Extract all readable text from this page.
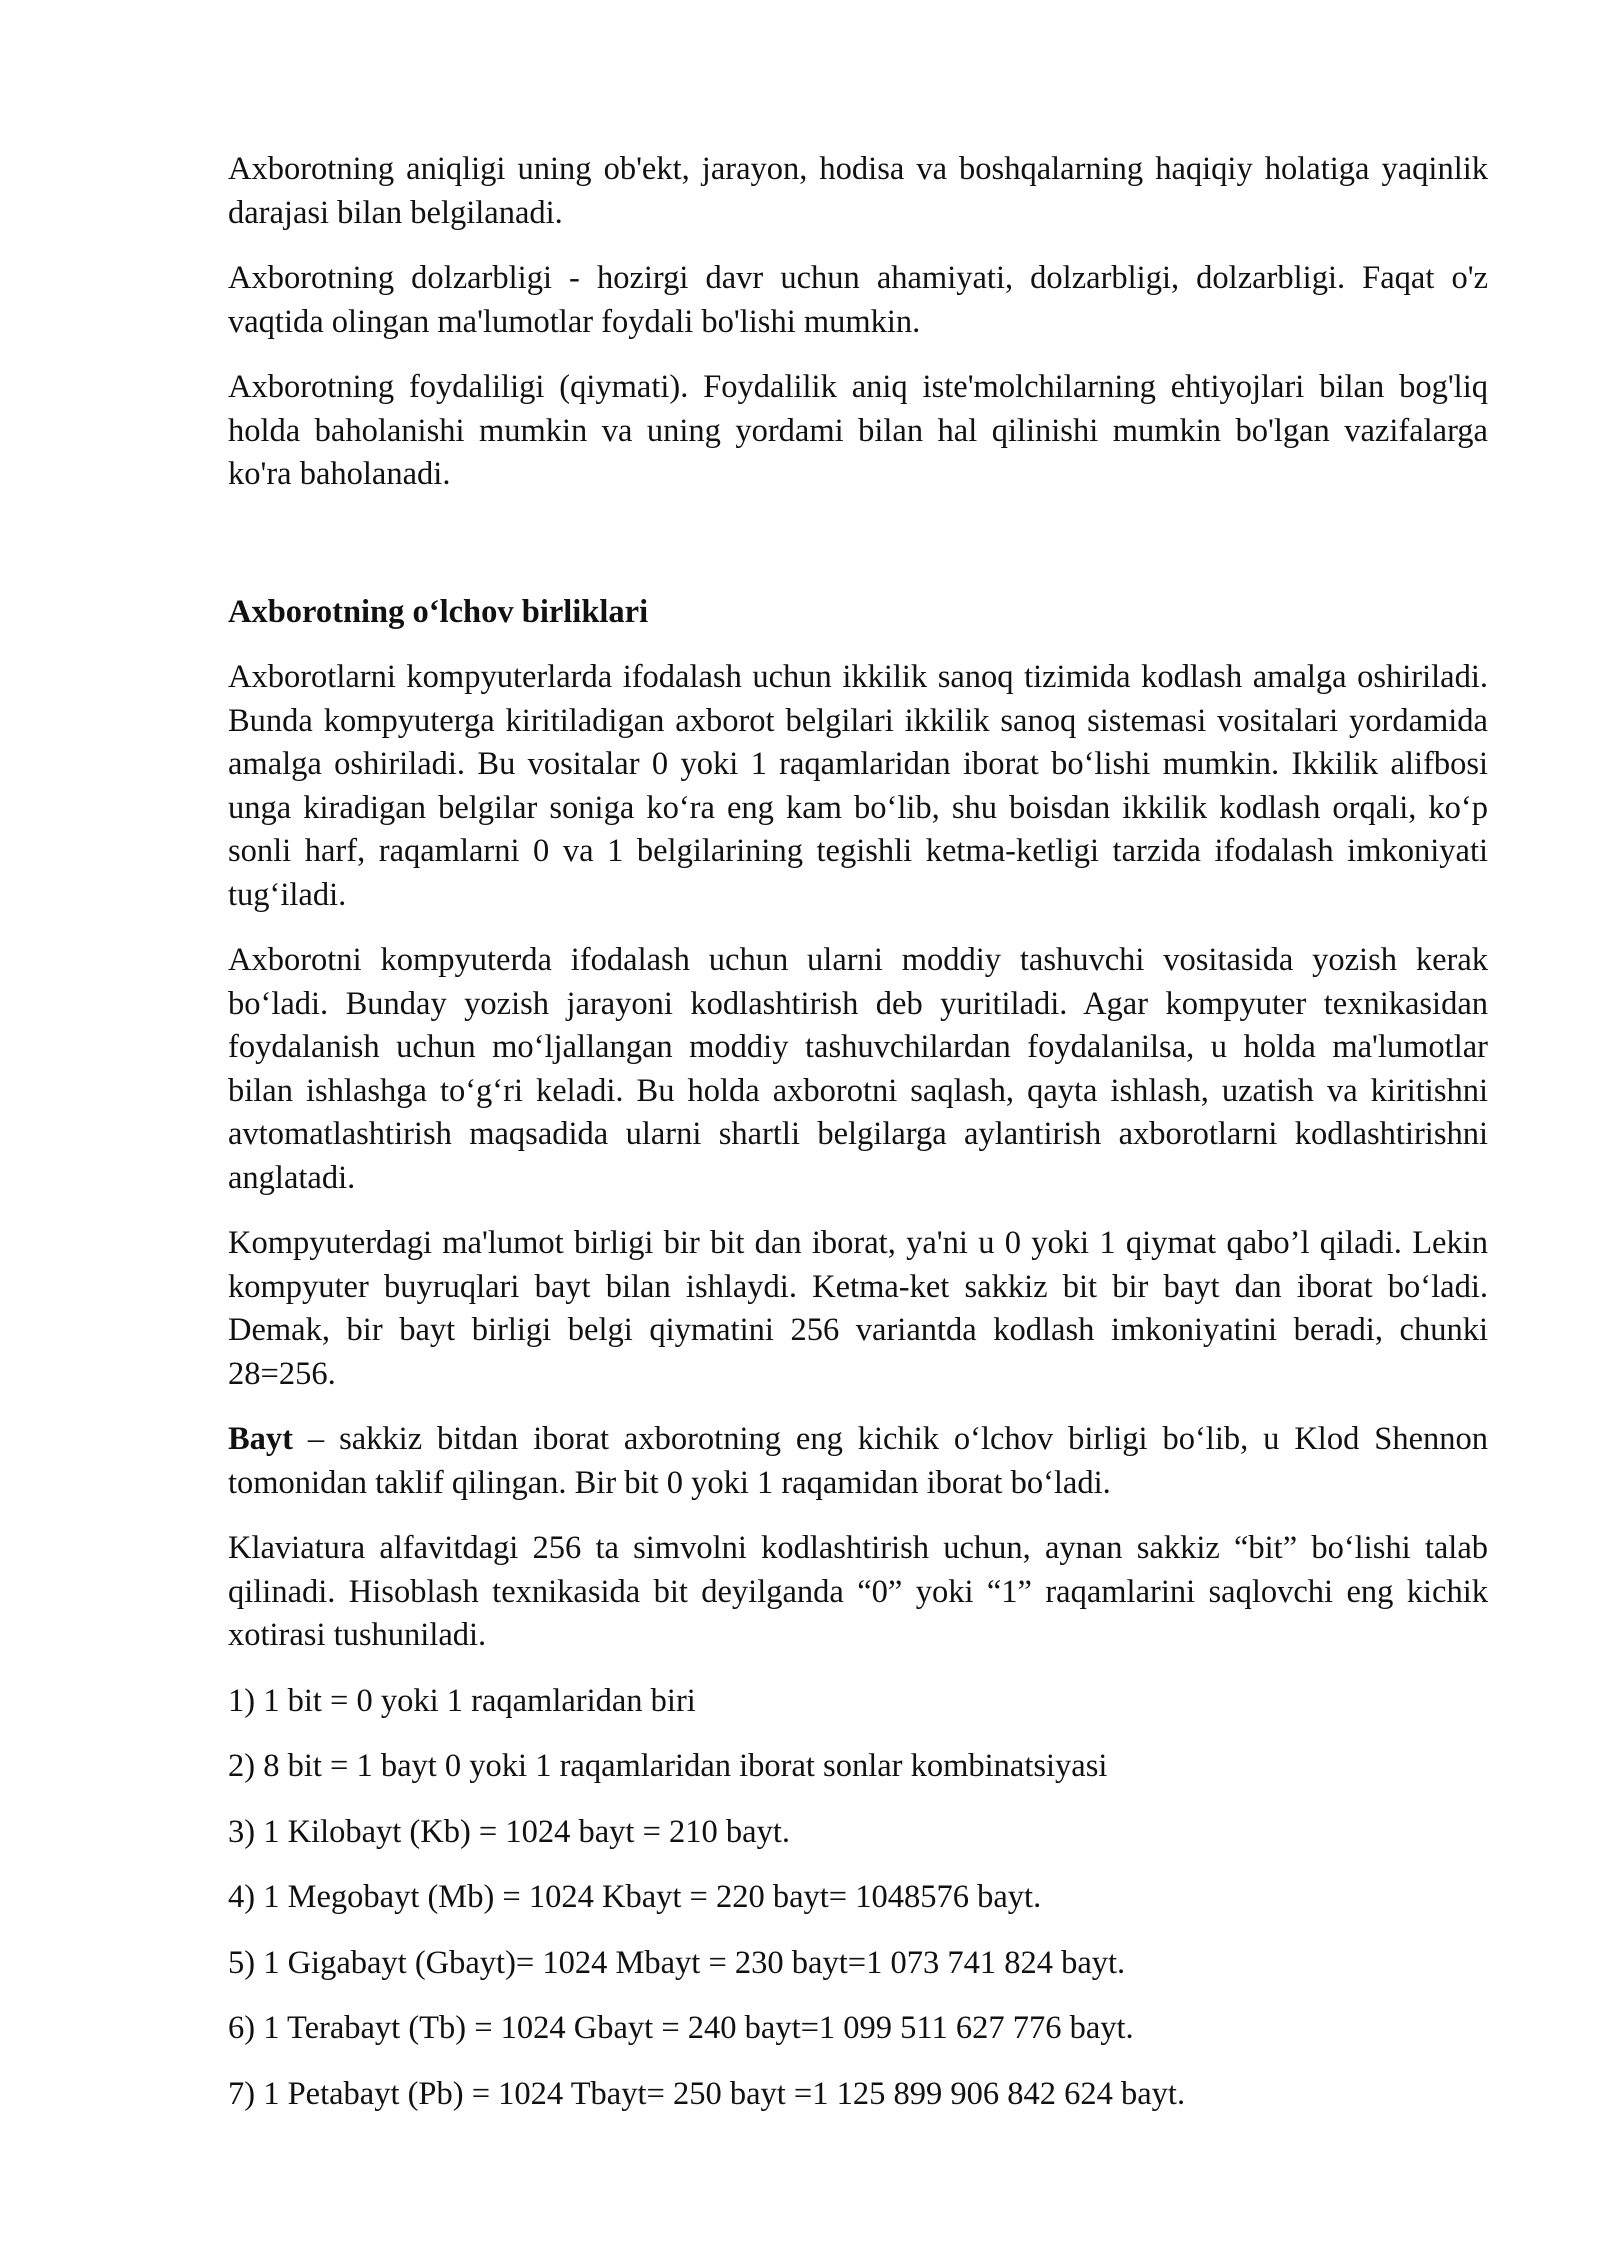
Axborotning aniqligi uning ob'ekt, jarayon, hodisa va boshqalarning haqiqiy holatiga yaqinlik darajasi bilan belgilanadi.

Axborotning dolzarbligi - hozirgi davr uchun ahamiyati, dolzarbligi, dolzarbligi. Faqat o'z vaqtida olingan ma'lumotlar foydali bo'lishi mumkin.

Axborotning foydaliligi (qiymati). Foydalilik aniq iste'molchilarning ehtiyojlari bilan bog'liq holda baholanishi mumkin va uning yordami bilan hal qilinishi mumkin bo'lgan vazifalarga ko'ra baholanadi.

Axborotning o‘lchov birliklari

Axborotlarni kompyuterlarda ifodalash uchun ikkilik sanoq tizimida kodlash amalga oshiriladi. Bunda kompyuterga kiritiladigan axborot belgilari ikkilik sanoq sistemasi vositalari yordamida amalga oshiriladi. Bu vositalar 0 yoki 1 raqamlaridan iborat bo‘lishi mumkin. Ikkilik alifbosi unga kiradigan belgilar soniga ko‘ra eng kam bo‘lib, shu boisdan ikkilik kodlash orqali, ko‘p sonli harf, raqamlarni 0 va 1 belgilarining tegishli ketma-ketligi tarzida ifodalash imkoniyati tug‘iladi.

Axborotni kompyuterda ifodalash uchun ularni moddiy tashuvchi vositasida yozish kerak bo‘ladi. Bunday yozish jarayoni kodlashtirish deb yuritiladi. Agar kompyuter texnikasidan foydalanish uchun mo‘ljallangan moddiy tashuvchilardan foydalanilsa, u holda ma'lumotlar bilan ishlashga to‘g‘ri keladi. Bu holda axborotni saqlash, qayta ishlash, uzatish va kiritishni avtomatlashtirish maqsadida ularni shartli belgilarga aylantirish axborotlarni kodlashtirishni anglatadi.

Kompyuterdagi ma'lumot birligi bir bit dan iborat, ya'ni u 0 yoki 1 qiymat qabo’l qiladi. Lekin kompyuter buyruqlari bayt bilan ishlaydi. Ketma-ket sakkiz bit bir bayt dan iborat bo‘ladi. Demak, bir bayt birligi belgi qiymatini 256 variantda kodlash imkoniyatini beradi, chunki 28=256.

Bayt – sakkiz bitdan iborat axborotning eng kichik o‘lchov birligi bo‘lib, u Klod Shennon tomonidan taklif qilingan. Bir bit 0 yoki 1 raqamidan iborat bo‘ladi.

Klaviatura alfavitdagi 256 ta simvolni kodlashtirish uchun, aynan sakkiz “bit” bo‘lishi talab qilinadi. Hisoblash texnikasida bit deyilganda “0” yoki “1” raqamlarini saqlovchi eng kichik xotirasi tushuniladi.

1) 1 bit = 0 yoki 1 raqamlaridan biri

2) 8 bit = 1 bayt 0 yoki 1 raqamlaridan iborat sonlar kombinatsiyasi

3) 1 Kilobayt (Kb) = 1024 bayt = 210 bayt.

4) 1 Megobayt (Mb) = 1024 Kbayt = 220 bayt= 1048576 bayt.

5) 1 Gigabayt (Gbayt)= 1024 Mbayt = 230 bayt=1 073 741 824 bayt.

6) 1 Terabayt (Tb) = 1024 Gbayt = 240 bayt=1 099 511 627 776 bayt.

7) 1 Petabayt (Pb) = 1024 Tbayt= 250 bayt =1 125 899 906 842 624 bayt.
